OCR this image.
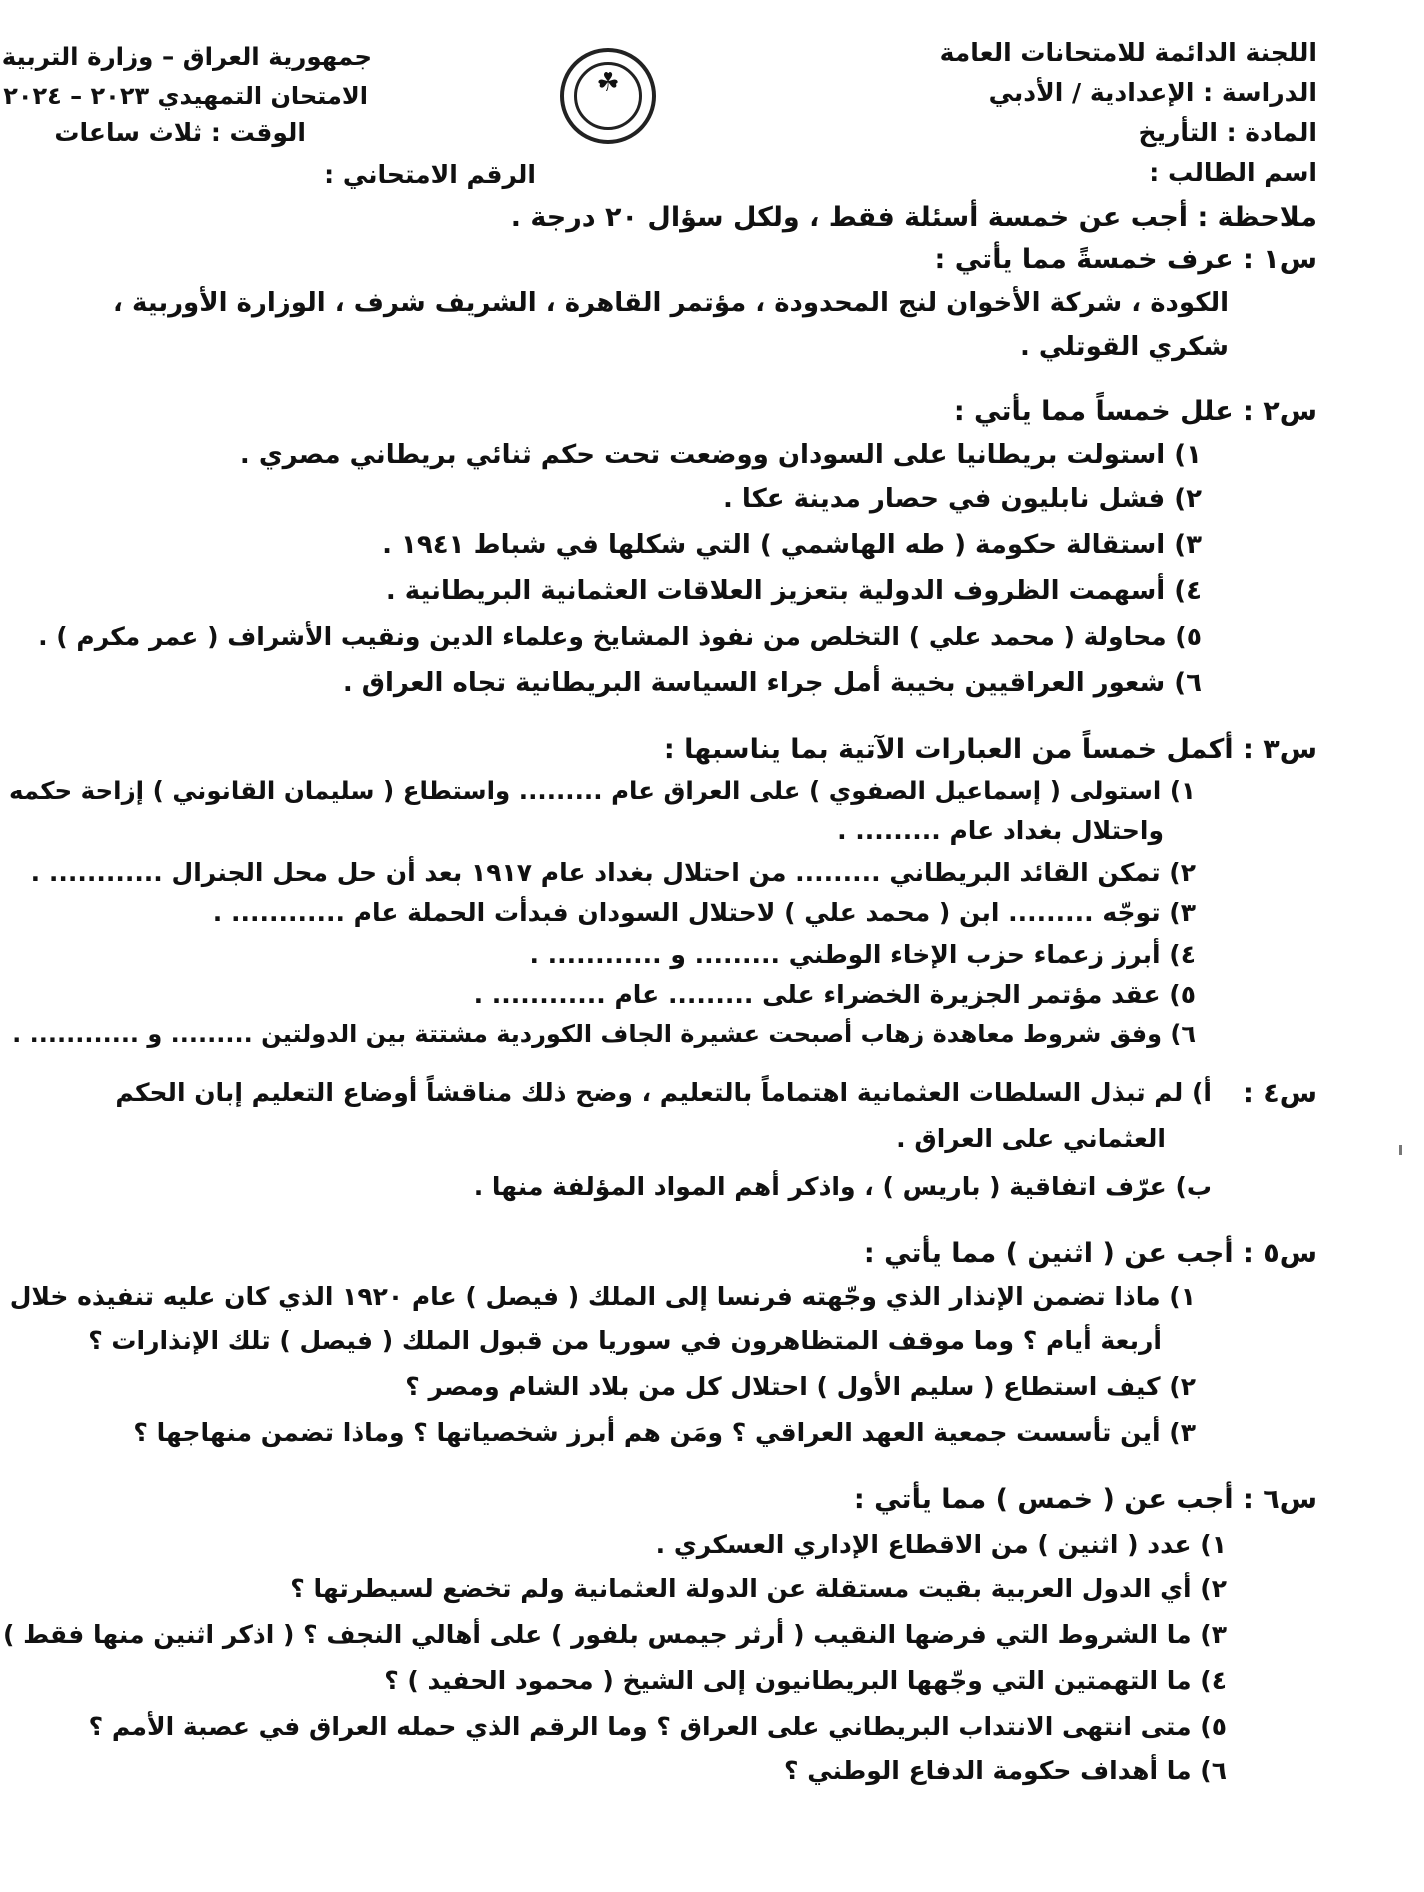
اللجنة الدائمة للامتحانات العامة
الدراسة : الإعدادية / الأدبي
المادة : التأريخ
اسم الطالب :
جمهورية العراق – وزارة التربية
الامتحان التمهيدي ٢٠٢٣ – ٢٠٢٤
الوقت : ثلاث ساعات
الرقم الامتحاني :
☘
ملاحظة : أجب عن خمسة أسئلة فقط ، ولكل سؤال ٢٠ درجة .
س١ : عرف خمسةً مما يأتي :
الكودة ، شركة الأخوان لنج المحدودة ، مؤتمر القاهرة ، الشريف شرف ، الوزارة الأوربية ،
شكري القوتلي .
س٢ : علل خمساً مما يأتي :
١) استولت بريطانيا على السودان ووضعت تحت حكم ثنائي بريطاني مصري .
٢) فشل نابليون في حصار مدينة عكا .
٣) استقالة حكومة ( طه الهاشمي ) التي شكلها في شباط ١٩٤١ .
٤) أسهمت الظروف الدولية بتعزيز العلاقات العثمانية البريطانية .
٥) محاولة ( محمد علي ) التخلص من نفوذ المشايخ وعلماء الدين ونقيب الأشراف ( عمر مكرم ) .
٦) شعور العراقيين بخيبة أمل جراء السياسة البريطانية تجاه العراق .
س٣ : أكمل خمساً من العبارات الآتية بما يناسبها :
١) استولى ( إسماعيل الصفوي ) على العراق عام ......... واستطاع ( سليمان القانوني ) إزاحة حكمه
واحتلال بغداد عام ......... .
٢) تمكن القائد البريطاني ......... من احتلال بغداد عام ١٩١٧ بعد أن حل محل الجنرال ............ .
٣) توجّه ......... ابن ( محمد علي ) لاحتلال السودان فبدأت الحملة عام ............ .
٤) أبرز زعماء حزب الإخاء الوطني ......... و ............ .
٥) عقد مؤتمر الجزيرة الخضراء على ......... عام ............ .
٦) وفق شروط معاهدة زهاب أصبحت عشيرة الجاف الكوردية مشتتة بين الدولتين ......... و ............ .
س٤ :
أ) لم تبذل السلطات العثمانية اهتماماً بالتعليم ، وضح ذلك مناقشاً أوضاع التعليم إبان الحكم
العثماني على العراق .
ب) عرّف اتفاقية ( باريس ) ، واذكر أهم المواد المؤلفة منها .
س٥ : أجب عن ( اثنين ) مما يأتي :
١) ماذا تضمن الإنذار الذي وجّهته فرنسا إلى الملك ( فيصل ) عام ١٩٢٠ الذي كان عليه تنفيذه خلال
أربعة أيام ؟ وما موقف المتظاهرون في سوريا من قبول الملك ( فيصل ) تلك الإنذارات ؟
٢) كيف استطاع ( سليم الأول ) احتلال كل من بلاد الشام ومصر ؟
٣) أين تأسست جمعية العهد العراقي ؟ ومَن هم أبرز شخصياتها ؟ وماذا تضمن منهاجها ؟
س٦ : أجب عن ( خمس ) مما يأتي :
١) عدد ( اثنين ) من الاقطاع الإداري العسكري .
٢) أي الدول العربية بقيت مستقلة عن الدولة العثمانية ولم تخضع لسيطرتها ؟
٣) ما الشروط التي فرضها النقيب ( أرثر جيمس بلفور ) على أهالي النجف ؟ ( اذكر اثنين منها فقط )
٤) ما التهمتين التي وجّهها البريطانيون إلى الشيخ ( محمود الحفيد ) ؟
٥) متى انتهى الانتداب البريطاني على العراق ؟ وما الرقم الذي حمله العراق في عصبة الأمم ؟
٦) ما أهداف حكومة الدفاع الوطني ؟
